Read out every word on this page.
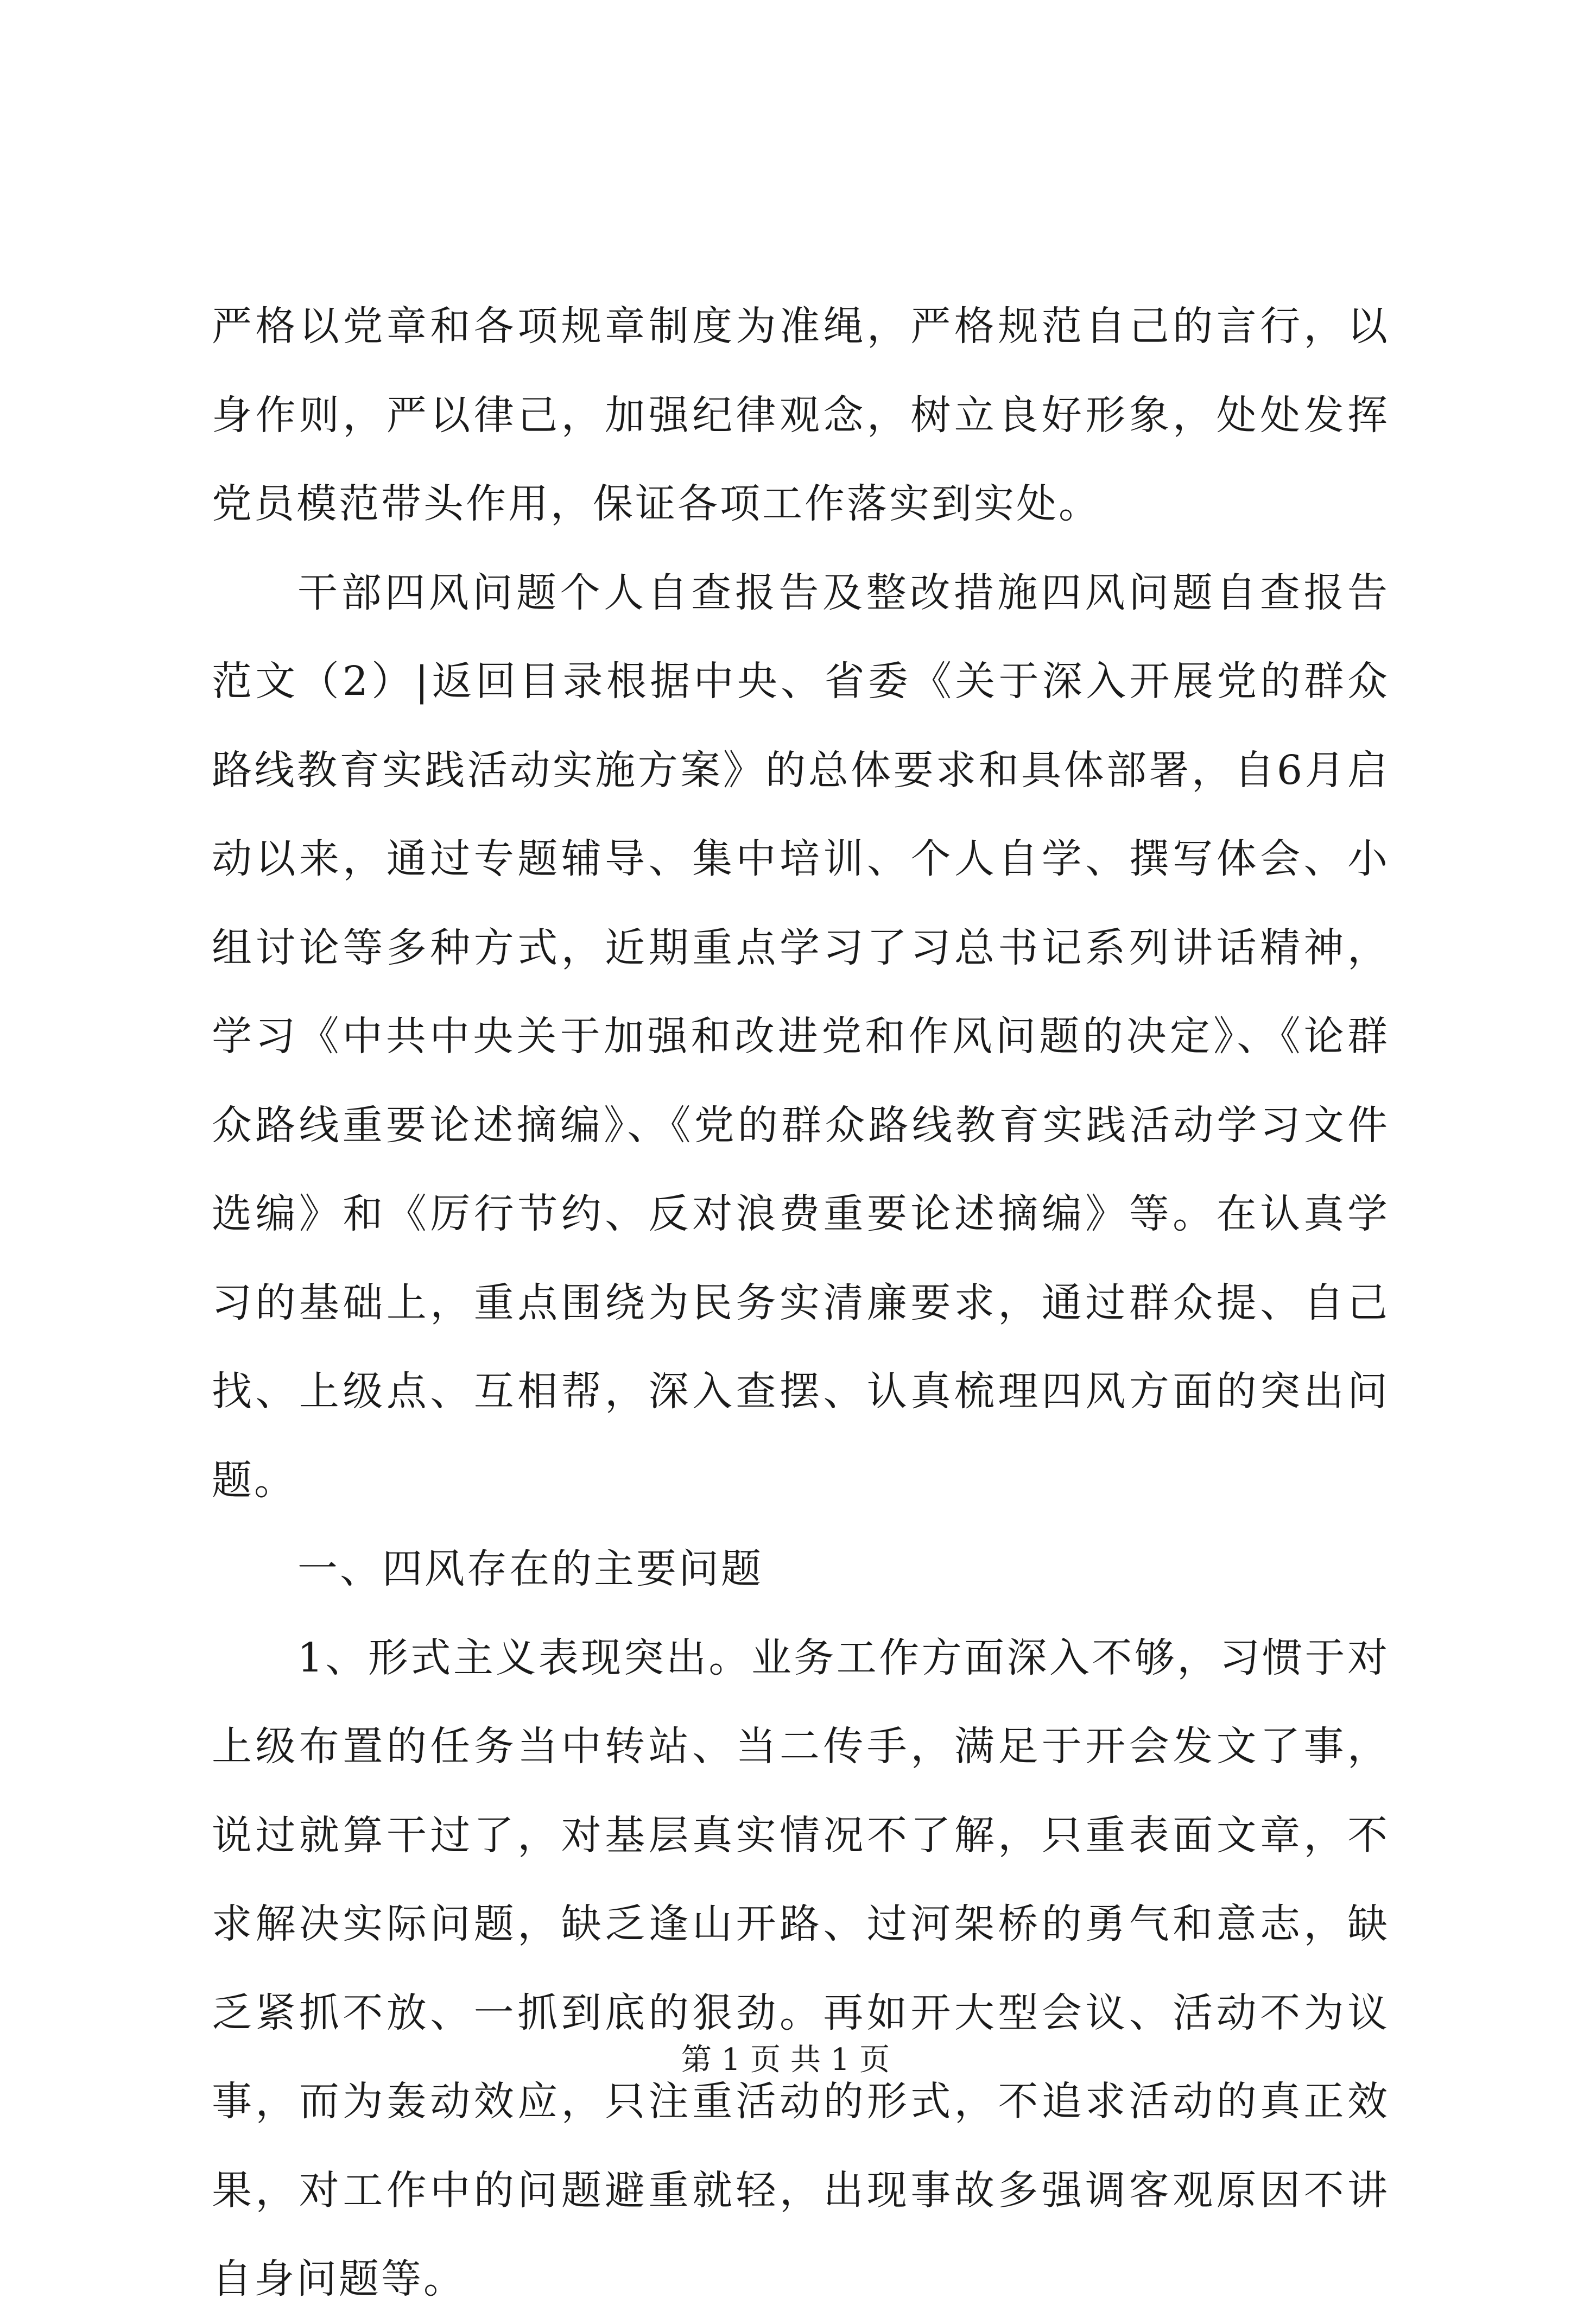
严格以党章和各项规章制度为准绳，严格规范自己的言行，以身作则，严以律己，加强纪律观念，树立良好形象，处处发挥党员模范带头作用，保证各项工作落实到实处。

干部四风问题个人自查报告及整改措施四风问题自查报告范文（2）|返回目录根据中央、省委《关于深入开展党的群众路线教育实践活动实施方案》的总体要求和具体部署，自6月启动以来，通过专题辅导、集中培训、个人自学、撰写体会、小组讨论等多种方式，近期重点学习了习总书记系列讲话精神，学习《中共中央关于加强和改进党和作风问题的决定》、《论群众路线重要论述摘编》、《党的群众路线教育实践活动学习文件选编》和《厉行节约、反对浪费重要论述摘编》等。在认真学习的基础上，重点围绕为民务实清廉要求，通过群众提、自己找、上级点、互相帮，深入查摆、认真梳理四风方面的突出问题。

一、四风存在的主要问题

1、形式主义表现突出。业务工作方面深入不够，习惯于对上级布置的任务当中转站、当二传手，满足于开会发文了事，说过就算干过了，对基层真实情况不了解，只重表面文章，不求解决实际问题，缺乏逢山开路、过河架桥的勇气和意志，缺乏紧抓不放、一抓到底的狠劲。再如开大型会议、活动不为议事，而为轰动效应，只注重活动的形式，不追求活动的真正效果，对工作中的问题避重就轻，出现事故多强调客观原因不讲自身问题等。

第 1 页 共 1 页
